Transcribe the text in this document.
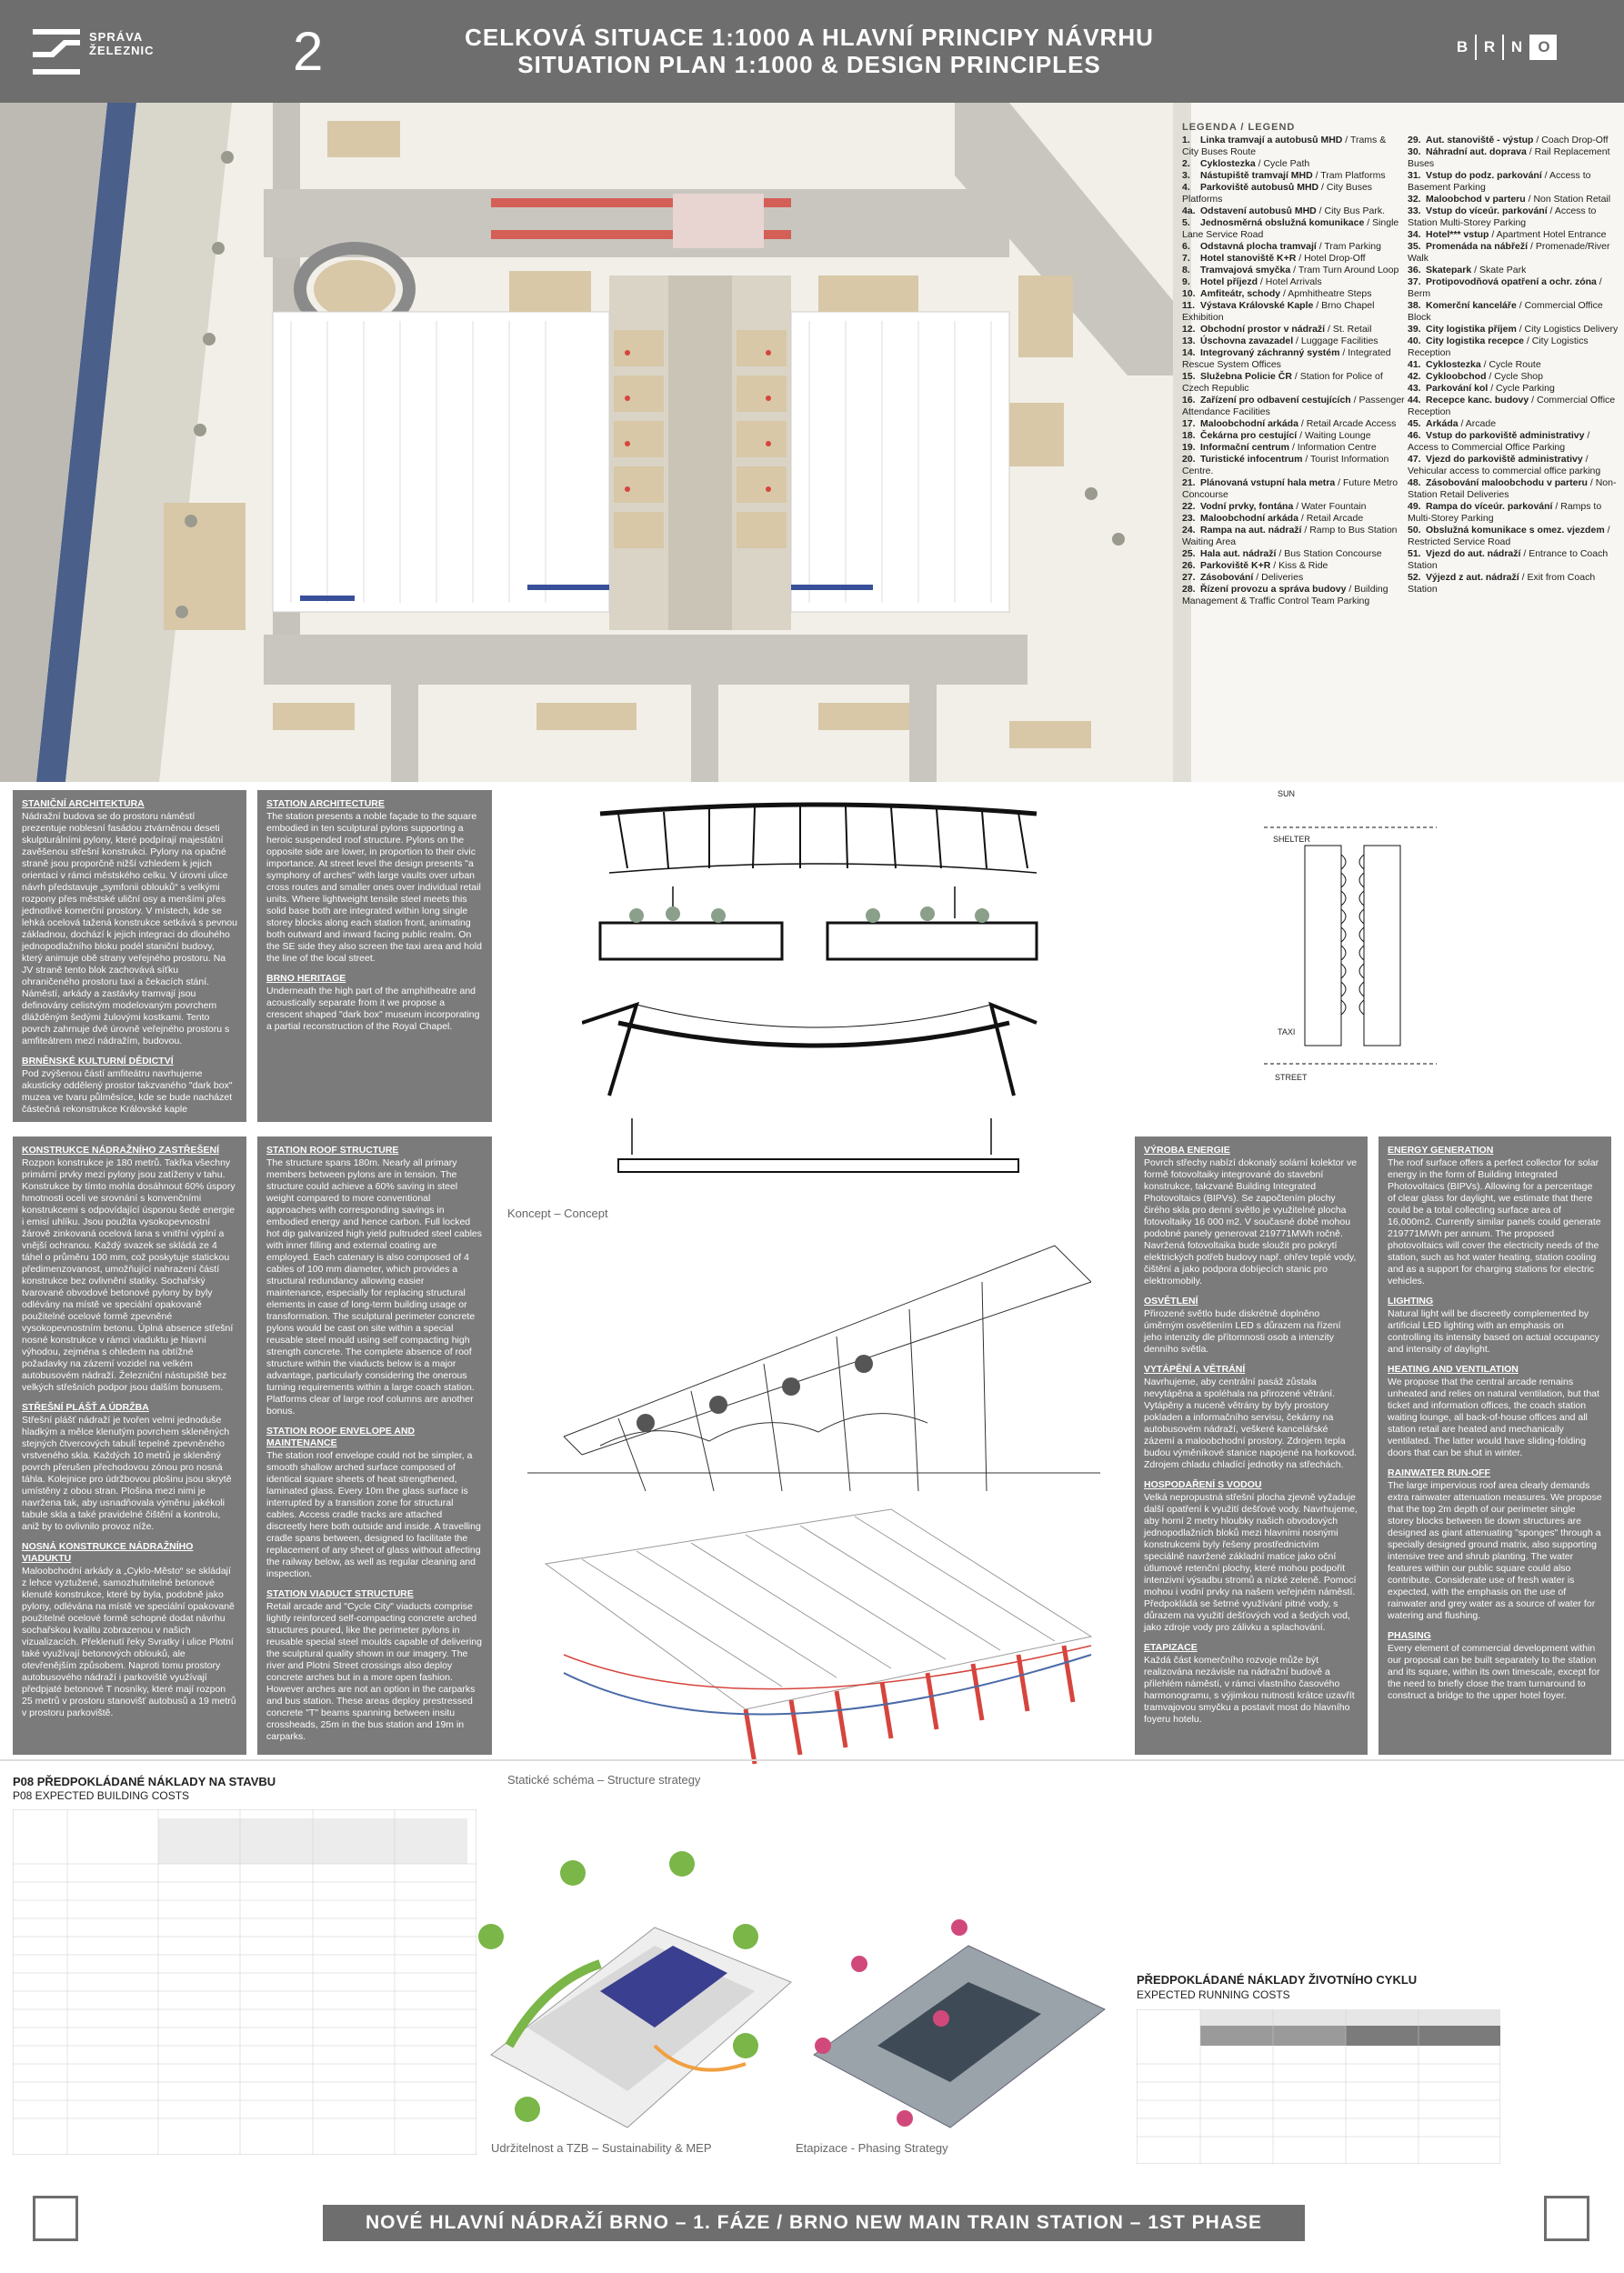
SPRÁVA
ŽELEZNIC	2	CELKOVÁ SITUACE 1:1000 A HLAVNÍ PRINCIPY NÁVRHU
SITUATION PLAN 1:1000 & DESIGN PRINCIPLES
B	R	N	O
LEGENDA / LEGEND
1. Linka tramvají a autobusů MHD / Trams & City Buses Route
2. Cyklostezka / Cycle Path
3. Nástupiště tramvají MHD / Tram Platforms
4. Parkoviště autobusů MHD / City Buses Platforms
4a. Odstavení autobusů MHD / City Bus Park.
5. Jednosměrná obslužná komunikace / Single Lane Service Road
6. Odstavná plocha tramvají / Tram Parking
7. Hotel stanoviště K+R / Hotel Drop-Off
8. Tramvajová smyčka / Tram Turn Around Loop
9. Hotel příjezd / Hotel Arrivals
10. Amfiteátr, schody / Apmhitheatre Steps
11. Výstava Královské Kaple / Brno Chapel Exhibition
12. Obchodní prostor v nádraží / St. Retail
13. Úschovna zavazadel / Luggage Facilities
14. Integrovaný záchranný systém / Integrated Rescue System Offices
15. Služebna Policie ČR / Station for Police of Czech Republic
16. Zařízení pro odbavení cestujících / Passenger Attendance Facilities
17. Maloobchodní arkáda / Retail Arcade Access
18. Čekárna pro cestující / Waiting Lounge
19. Informační centrum / Information Centre
20. Turistické infocentrum / Tourist Information Centre.
21. Plánovaná vstupní hala metra / Future Metro Concourse
22. Vodní prvky, fontána / Water Fountain
23. Maloobchodní arkáda / Retail Arcade
24. Rampa na aut. nádraží / Ramp to Bus Station Waiting Area
25. Hala aut. nádraží / Bus Station Concourse
26. Parkoviště K+R / Kiss & Ride
27. Zásobování / Deliveries
28. Řízení provozu a správa budovy / Building Management & Traffic Control Team Parking
29. Aut. stanoviště - výstup / Coach Drop-Off
30. Náhradní aut. doprava / Rail Replacement Buses
31. Vstup do podz. parkování / Access to Basement Parking
32. Maloobchod v parteru / Non Station Retail
33. Vstup do víceúr. parkování / Access to Station Multi-Storey Parking
34. Hotel*** vstup / Apartment Hotel Entrance
35. Promenáda na nábřeží / Promenade/River Walk
36. Skatepark / Skate Park
37. Protipovodňová opatření a ochr. zóna / Berm
38. Komerční kanceláře / Commercial Office Block
39. City logistika příjem / City Logistics Delivery
40. City logistika recepce / City Logistics Reception
41. Cyklostezka / Cycle Route
42. Cykloobchod / Cycle Shop
43. Parkování kol / Cycle Parking
44. Recepce kanc. budovy / Commercial Office Reception
45. Arkáda / Arcade
46. Vstup do parkoviště administrativy / Access to Commercial Office Parking
47. Vjezd do parkoviště administrativy / Vehicular access to commercial office parking
48. Zásobování maloobchodu v parteru / Non-Station Retail Deliveries
49. Rampa do víceúr. parkování / Ramps to Multi-Storey Parking
50. Obslužná komunikace s omez. vjezdem / Restricted Service Road
51. Vjezd do aut. nádraží / Entrance to Coach Station
52. Výjezd z aut. nádraží / Exit from Coach Station
STANIČNÍ ARCHITEKTURA

Nádražní budova se do prostoru náměstí prezentuje noblesní fasádou ztvárněnou deseti skulpturálními pylony, které podpírají majestátní zavěšenou střešní konstrukci. Pylony na opačné straně jsou proporčně nižší vzhledem k jejich orientaci v rámci městského celku. V úrovni ulice návrh představuje „symfonii oblouků“ s velkými rozpony přes městské uliční osy a menšími přes jednotlivé komerční prostory. V místech, kde se lehká ocelová tažená konstrukce setkává s pevnou základnou, dochází k jejich integraci do dlouhého jednopodlažního bloku podél staniční budovy, který animuje obě strany veřejného prostoru. Na JV straně tento blok zachovává síťku ohraničeného prostoru taxi a čekacích stání. Náměstí, arkády a zastávky tramvají jsou definovány celistvým modelovaným povrchem dlážděným šedými žulovými kostkami. Tento povrch zahrnuje dvě úrovně veřejného prostoru s amfiteátrem mezi nádražím, budovou.

BRNĚNSKÉ KULTURNÍ DĚDICTVÍ

Pod zvýšenou částí amfiteátru navrhujeme akusticky oddělený prostor takzvaného "dark box" muzea ve tvaru půlměsíce, kde se bude nacházet částečná rekonstrukce Královské kaple

STATION ARCHITECTURE

The station presents a noble façade to the square embodied in ten sculptural pylons supporting a heroic suspended roof structure. Pylons on the opposite side are lower, in proportion to their civic importance. At street level the design presents "a symphony of arches" with large vaults over urban cross routes and smaller ones over individual retail units. Where lightweight tensile steel meets this solid base both are integrated within long single storey blocks along each station front, animating both outward and inward facing public realm. On the SE side they also screen the taxi area and hold the line of the local street.

BRNO HERITAGE

Underneath the high part of the amphitheatre and acoustically separate from it we propose a crescent shaped "dark box" museum incorporating a partial reconstruction of the Royal Chapel.

SUN
SHELTER
TAXI
STREET
KONSTRUKCE NÁDRAŽNÍHO ZASTŘEŠENÍ

Rozpon konstrukce je 180 metrů. Takřka všechny primární prvky mezi pylony jsou zatíženy v tahu. Konstrukce by tímto mohla dosáhnout 60% úspory hmotnosti oceli ve srovnání s konvenčními konstrukcemi s odpovídající úsporou šedé energie i emisí uhlíku. Jsou použita vysokopevnostní žárově zinkovaná ocelová lana s vnitřní výplní a vnější ochranou. Každý svazek se skládá ze 4 táhel o průměru 100 mm, což poskytuje statickou předimenzovanost, umožňující nahrazení částí konstrukce bez ovlivnění statiky. Sochařský tvarované obvodové betonové pylony by byly odlévány na místě ve speciální opakovaně použitelné ocelové formě zpevněné vysokopevnostním betonu. Úplná absence střešní nosné konstrukce v rámci viaduktu je hlavní výhodou, zejména s ohledem na obtížné požadavky na zázemí vozidel na velkém autobusovém nádraží. Železniční nástupiště bez velkých střešních podpor jsou dalším bonusem.

STŘEŠNÍ PLÁŠŤ A ÚDRŽBA

Střešní plášť nádraží je tvořen velmi jednoduše hladkým a mělce klenutým povrchem skleněných stejných čtvercových tabulí tepelně zpevněného vrstveného skla. Každých 10 metrů je skleněný povrch přerušen přechodovou zónou pro nosná táhla. Kolejnice pro údržbovou plošinu jsou skrytě umístěny z obou stran. Plošina mezi nimi je navržena tak, aby usnadňovala výměnu jakékoli tabule skla a také pravidelné čištění a kontrolu, aniž by to ovlivnilo provoz níže.

NOSNÁ KONSTRUKCE NÁDRAŽNÍHO VIADUKTU

Maloobchodní arkády a „Cyklo-Město“ se skládají z lehce vyztužené, samozhutnitelné betonové klenuté konstrukce, které by byla, podobně jako pylony, odlévána na místě ve speciální opakovaně použitelné ocelové formě schopné dodat návrhu sochařskou kvalitu zobrazenou v našich vizualizacích. Překlenutí řeky Svratky i ulice Plotní také využívají betonových oblouků, ale otevřenějším způsobem. Naproti tomu prostory autobusového nádraží i parkoviště využívají předpjaté betonové T nosníky, které mají rozpon 25 metrů v prostoru stanovišť autobusů a 19 metrů v prostoru parkoviště.

STATION ROOF STRUCTURE

The structure spans 180m. Nearly all primary members between pylons are in tension. The structure could achieve a 60% saving in steel weight compared to more conventional approaches with corresponding savings in embodied energy and hence carbon. Full locked hot dip galvanized high yield pultruded steel cables with inner filling and external coating are employed. Each catenary is also composed of 4 cables of 100 mm diameter, which provides a structural redundancy allowing easier maintenance, especially for replacing structural elements in case of long-term building usage or transformation. The sculptural perimeter concrete pylons would be cast on site within a special reusable steel mould using self compacting high strength concrete. The complete absence of roof structure within the viaducts below is a major advantage, particularly considering the onerous turning requirements within a large coach station. Platforms clear of large roof columns are another bonus.

STATION ROOF ENVELOPE AND MAINTENANCE

The station roof envelope could not be simpler, a smooth shallow arched surface composed of identical square sheets of heat strengthened, laminated glass. Every 10m the glass surface is interrupted by a transition zone for structural cables. Access cradle tracks are attached discreetly here both outside and inside. A travelling cradle spans between, designed to facilitate the replacement of any sheet of glass without affecting the railway below, as well as regular cleaning and inspection.

STATION VIADUCT STRUCTURE

Retail arcade and "Cycle City" viaducts comprise lightly reinforced self-compacting concrete arched structures poured, like the perimeter pylons in reusable special steel moulds capable of delivering the sculptural quality shown in our imagery. The river and Plotni Street crossings also deploy concrete arches but in a more open fashion. However arches are not an option in the carparks and bus station. These areas deploy prestressed concrete "T" beams spanning between insitu crossheads, 25m in the bus station and 19m in carparks.

Koncept – Concept
VÝROBA ENERGIE

Povrch střechy nabízí dokonalý solární kolektor ve formě fotovoltaiky integrované do stavební konstrukce, takzvané Building Integrated Photovoltaics (BIPVs). Se započtením plochy čirého skla pro denní světlo je využitelné plocha fotovoltaiky 16 000 m2. V současné době mohou podobné panely generovat 219771MWh ročně. Navržená fotovoltaika bude sloužit pro pokrytí elektrických potřeb budovy např. ohřev teplé vody, čištění a jako podpora dobíjecích stanic pro elektromobily.

OSVĚTLENÍ

Přirozené světlo bude diskrétně doplněno úměrným osvětlením LED s důrazem na řízení jeho intenzity dle přítomnosti osob a intenzity denního světla.

VYTÁPĚNÍ A VĚTRÁNÍ

Navrhujeme, aby centrální pasáž zůstala nevytápěna a spoléhala na přirozené větrání. Vytápěny a nuceně větrány by byly prostory pokladen a informačního servisu, čekárny na autobusovém nádraží, veškeré kancelářské zázemí a maloobchodní prostory. Zdrojem tepla budou výměníkové stanice napojené na horkovod. Zdrojem chladu chladící jednotky na střechách.

HOSPODAŘENÍ S VODOU

Velká nepropustná střešní plocha zjevně vyžaduje další opatření k využití dešťové vody. Navrhujeme, aby horní 2 metry hloubky našich obvodových jednopodlažních bloků mezi hlavními nosnými konstrukcemi byly řešeny prostřednictvím speciálně navržené základní matice jako oční útlumové retenční plochy, které mohou podpořit intenzivní výsadbu stromů a nízké zeleně. Pomocí mohou i vodní prvky na našem veřejném náměstí. Předpokládá se šetrné využívání pitné vody, s důrazem na využití dešťových vod a šedých vod, jako zdroje vody pro zálivku a splachování.

ETAPIZACE

Každá část komerčního rozvoje může být realizována nezávisle na nádražní budově a přilehlém náměstí, v rámci vlastního časového harmonogramu, s výjimkou nutnosti krátce uzavřít tramvajovou smyčku a postavit most do hlavního foyeru hotelu.

ENERGY GENERATION

The roof surface offers a perfect collector for solar energy in the form of Building Integrated Photovoltaics (BIPVs). Allowing for a percentage of clear glass for daylight, we estimate that there could be a total collecting surface area of 16,000m2. Currently similar panels could generate 219771MWh per annum. The proposed photovoltaics will cover the electricity needs of the station, such as hot water heating, station cooling and as a support for charging stations for electric vehicles.

LIGHTING

Natural light will be discreetly complemented by artificial LED lighting with an emphasis on controlling its intensity based on actual occupancy and intensity of daylight.

HEATING AND VENTILATION

We propose that the central arcade remains unheated and relies on natural ventilation, but that ticket and information offices, the coach station waiting lounge, all back-of-house offices and all station retail are heated and mechanically ventilated. The latter would have sliding-folding doors that can be shut in winter.

RAINWATER RUN-OFF

The large impervious roof area clearly demands extra rainwater attenuation measures. We propose that the top 2m depth of our perimeter single storey blocks between tie down structures are designed as giant attenuating "sponges" through a specially designed ground matrix, also supporting intensive tree and shrub planting. The water features within our public square could also contribute. Considerate use of fresh water is expected, with the emphasis on the use of rainwater and grey water as a source of water for watering and flushing.

PHASING

Every element of commercial development within our proposal can be built separately to the station and its square, within its own timescale, except for the need to briefly close the tram turnaround to construct a bridge to the upper hotel foyer.

P08 PŘEDPOKLÁDANÉ NÁKLADY NA STAVBU
P08 EXPECTED BUILDING COSTS
Statické schéma – Structure strategy
Udržitelnost a TZB – Sustainability & MEP	Etapizace - Phasing Strategy
PŘEDPOKLÁDANÉ NÁKLADY ŽIVOTNÍHO CYKLU
EXPECTED RUNNING COSTS
NOVÉ HLAVNÍ NÁDRAŽÍ BRNO – 1. FÁZE / BRNO NEW MAIN TRAIN STATION – 1ST PHASE
